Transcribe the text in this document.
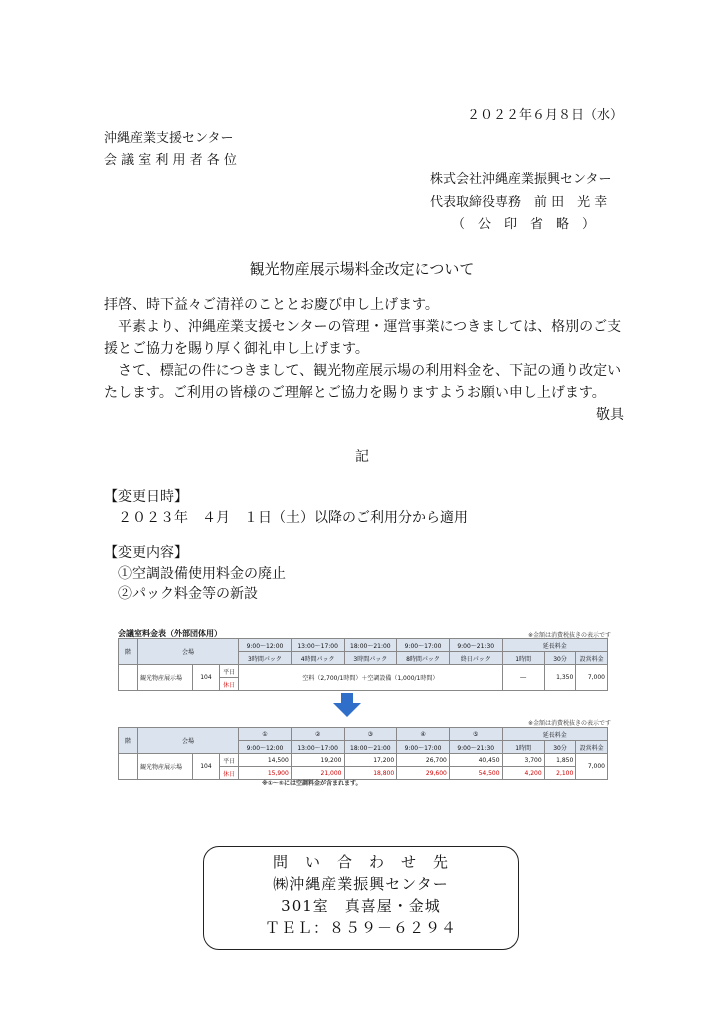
２０２２年６月８日（水）
沖縄産業支援センター
会 議 室 利 用 者 各 位
株式会社沖縄産業振興センター
代表取締役専務　前 田　光 幸
（　公　印　省　略　）
観光物産展示場料金改定について

拝啓、時下益々ご清祥のこととお慶び申し上げます。

平素より、沖縄産業支援センターの管理・運営事業につきましては、格別のご支援とご協力を賜り厚く御礼申し上げます。

さて、標記の件につきまして、観光物産展示場の利用料金を、下記の通り改定いたします。ご利用の皆様のご理解とご協力を賜りますようお願い申し上げます。

敬具

記
【変更日時】
２０２３年　４月　１日（土）以降のご利用分から適用
【変更内容】
①空調設備使用料金の廃止
②パック料金等の新設
会議室料金表（外部団体用）	※金額は消費税抜きの表示です
階	会場			9:00～12:00	13:00～17:00	18:00～21:00	9:00～17:00	9:00～21:30	延長料金		
				3時間パック	4時間パック	3時間パック	8時間パック	終日パック	1時間	30分	設営料金
	観光物産展示場	104	平日	空料（2,700/1時間）＋空調設備（1,000/1時間）					―	1,350	7,000
			休日								
※金額は消費税抜きの表示です
階	会場			①	②	③	④	⑤	延長料金		
				9:00～12:00	13:00～17:00	18:00～21:00	9:00～17:00	9:00～21:30	1時間	30分	設営料金
	観光物産展示場	104	平日	14,500	19,200	17,200	26,700	40,450	3,700	1,850	7,000
			休日	15,900	21,000	18,800	29,600	54,500	4,200	2,100	
※①～⑤には空調料金が含まれます。
問　い　合　わ　せ　先
㈱沖縄産業振興センター
301室　真喜屋・金城
ＴＥＬ：８５９－６２９４
